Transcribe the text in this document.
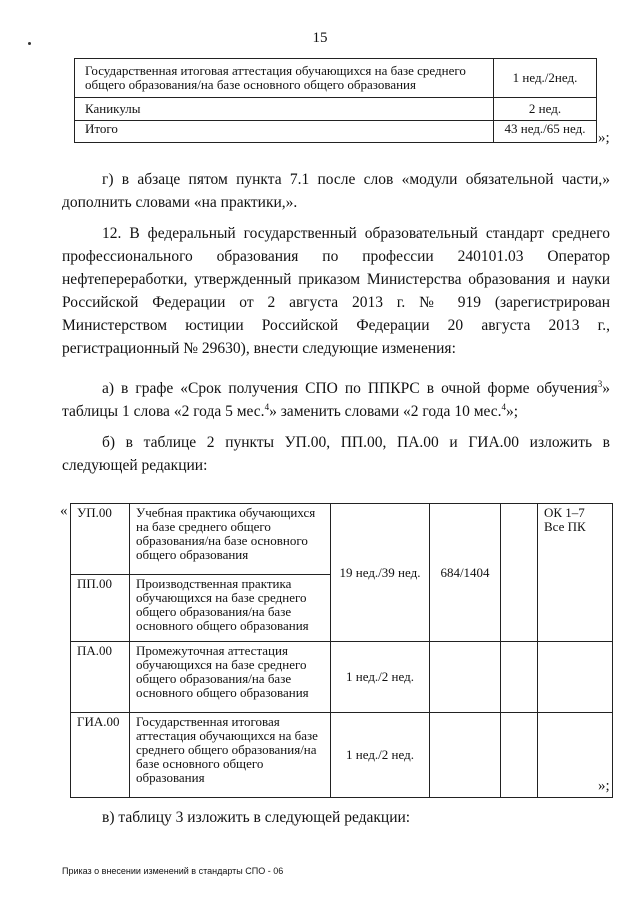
15
Государственная итоговая аттестация обучающихся на базе среднего общего образования/на базе основного общего образования	1 нед./2нед.
Каникулы	2 нед.
Итого	43 нед./65 нед.
»;
г) в абзаце пятом пункта 7.1 после слов «модули обязательной части,» дополнить словами «на практики,».
12. В федеральный государственный образовательный стандарт среднего профессионального образования по профессии 240101.03 Оператор нефтепереработки, утвержденный приказом Министерства образования и науки Российской Федерации от 2 августа 2013 г. № 919 (зарегистрирован Министерством юстиции Российской Федерации 20 августа 2013 г., регистрационный № 29630), внести следующие изменения:
а) в графе «Срок получения СПО по ППКРС в очной форме обучения$^3$» таблицы 1 слова «2 года 5 мес.$^4$» заменить словами «2 года 10 мес.$^4$»;
б) в таблице 2 пункты УП.00, ПП.00, ПА.00 и ГИА.00 изложить в следующей редакции:
« УП.00	Учебная практика обучающихся на базе среднего общего образования/на базе основного общего образования	19 нед./39 нед.	684/1404		ОК 1–7
Все ПК
ПП.00	Производственная практика обучающихся на базе среднего общего образования/на базе основного общего образования				
ПА.00	Промежуточная аттестация обучающихся на базе среднего общего образования/на базе основного общего образования	1 нед./2 нед.			
ГИА.00	Государственная итоговая аттестация обучающихся на базе среднего общего образования/на базе основного общего образования	1 нед./2 нед.			
»;
в) таблицу 3 изложить в следующей редакции:
Приказ о внесении изменений в стандарты СПО - 06
